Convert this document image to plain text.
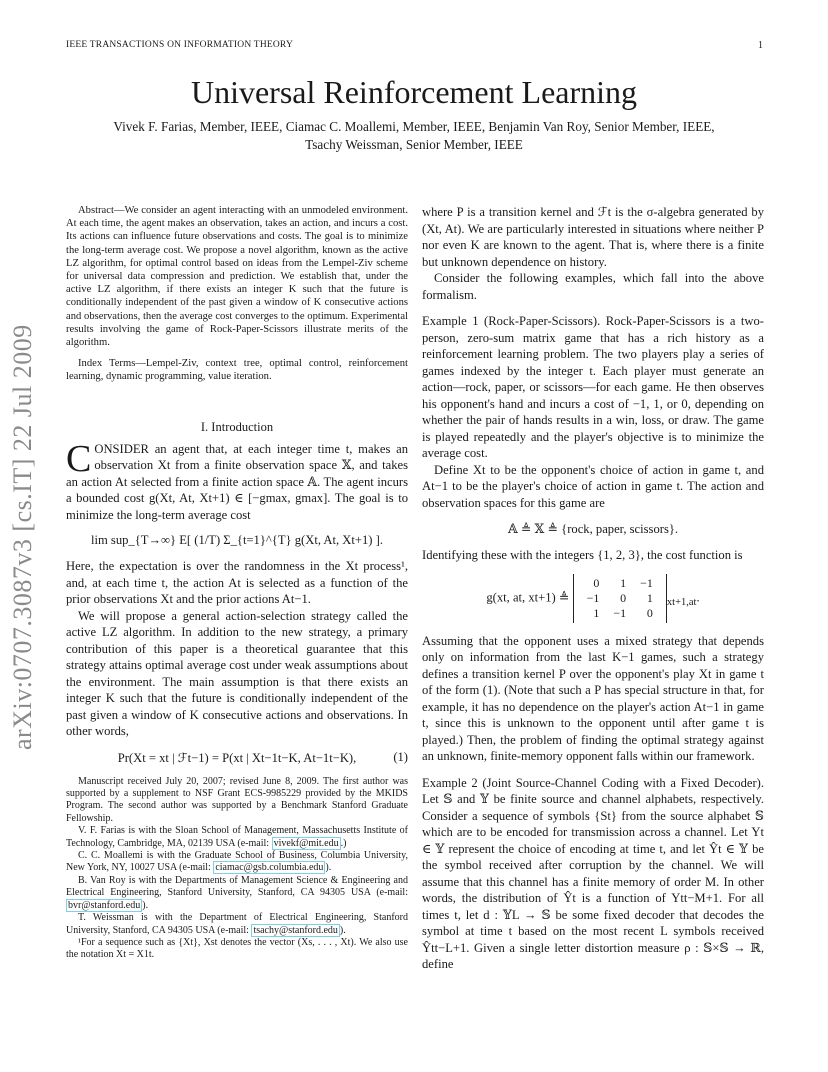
IEEE TRANSACTIONS ON INFORMATION THEORY	1
arXiv:0707.3087v3 [cs.IT] 22 Jul 2009
Universal Reinforcement Learning
Vivek F. Farias, Member, IEEE, Ciamac C. Moallemi, Member, IEEE, Benjamin Van Roy, Senior Member, IEEE, Tsachy Weissman, Senior Member, IEEE

Abstract—We consider an agent interacting with an unmodeled environment. At each time, the agent makes an observation, takes an action, and incurs a cost. Its actions can influence future observations and costs. The goal is to minimize the long-term average cost. We propose a novel algorithm, known as the active LZ algorithm, for optimal control based on ideas from the Lempel-Ziv scheme for universal data compression and prediction. We establish that, under the active LZ algorithm, if there exists an integer K such that the future is conditionally independent of the past given a window of K consecutive actions and observations, then the average cost converges to the optimum. Experimental results involving the game of Rock-Paper-Scissors illustrate merits of the algorithm.

Index Terms—Lempel-Ziv, context tree, optimal control, reinforcement learning, dynamic programming, value iteration.

I. Introduction

CONSIDER an agent that, at each integer time t, makes an observation Xt from a finite observation space 𝕏, and takes an action At selected from a finite action space 𝔸. The agent incurs a bounded cost g(Xt, At, Xt+1) ∈ [−gmax, gmax]. The goal is to minimize the long-term average cost

lim sup_{T→∞} E[ (1/T) Σ_{t=1}^{T} g(Xt, At, Xt+1) ].

Here, the expectation is over the randomness in the Xt process¹, and, at each time t, the action At is selected as a function of the prior observations Xt and the prior actions At−1.

We will propose a general action-selection strategy called the active LZ algorithm. In addition to the new strategy, a primary contribution of this paper is a theoretical guarantee that this strategy attains optimal average cost under weak assumptions about the environment. The main assumption is that there exists an integer K such that the future is conditionally independent of the past given a window of K consecutive actions and observations. In other words,

Pr(Xt = xt | ℱt−1) = P(xt | Xt−1t−K, At−1t−K),	(1)

Manuscript received July 20, 2007; revised June 8, 2009. The first author was supported by a supplement to NSF Grant ECS-9985229 provided by the MKIDS Program. The second author was supported by a Benchmark Stanford Graduate Fellowship.

V. F. Farias is with the Sloan School of Management, Massachusetts Institute of Technology, Cambridge, MA, 02139 USA (e-mail: vivekf@mit.edu .)

C. C. Moallemi is with the Graduate School of Business, Columbia University, New York, NY, 10027 USA (e-mail: ciamac@gsb.columbia.edu ).

B. Van Roy is with the Departments of Management Science & Engineering and Electrical Engineering, Stanford University, Stanford, CA 94305 USA (e-mail: bvr@stanford.edu ).

T. Weissman is with the Department of Electrical Engineering, Stanford University, Stanford, CA 94305 USA (e-mail: tsachy@stanford.edu ).

¹For a sequence such as {Xt}, Xst denotes the vector (Xs, . . . , Xt). We also use the notation Xt = X1t.

where P is a transition kernel and ℱt is the σ-algebra generated by (Xt, At). We are particularly interested in situations where neither P nor even K are known to the agent. That is, where there is a finite but unknown dependence on history.

Consider the following examples, which fall into the above formalism.

Example 1 (Rock-Paper-Scissors). Rock-Paper-Scissors is a two-person, zero-sum matrix game that has a rich history as a reinforcement learning problem. The two players play a series of games indexed by the integer t. Each player must generate an action—rock, paper, or scissors—for each game. He then observes his opponent's hand and incurs a cost of −1, 1, or 0, depending on whether the pair of hands results in a win, loss, or draw. The game is played repeatedly and the player's objective is to minimize the average cost.

Define Xt to be the opponent's choice of action in game t, and At−1 to be the player's choice of action in game t. The action and observation spaces for this game are

𝔸 ≜ 𝕏 ≜ {rock, paper, scissors}.

Identifying these with the integers {1, 2, 3}, the cost function is

g(xt, at, xt+1) ≜
0	1	−1
−1	0	1
1	−1	0
$_{xt+1,at}$.

Assuming that the opponent uses a mixed strategy that depends only on information from the last K−1 games, such a strategy defines a transition kernel P over the opponent's play Xt in game t of the form (1). (Note that such a P has special structure in that, for example, it has no dependence on the player's action At−1 in game t, since this is unknown to the opponent until after game t is played.) Then, the problem of finding the optimal strategy against an unknown, finite-memory opponent falls within our framework.

Example 2 (Joint Source-Channel Coding with a Fixed Decoder). Let 𝕊 and 𝕐 be finite source and channel alphabets, respectively. Consider a sequence of symbols {St} from the source alphabet 𝕊 which are to be encoded for transmission across a channel. Let Yt ∈ 𝕐 represent the choice of encoding at time t, and let Ŷt ∈ 𝕐 be the symbol received after corruption by the channel. We will assume that this channel has a finite memory of order M. In other words, the distribution of Ŷt is a function of Ytt−M+1. For all times t, let d : 𝕐L → 𝕊 be some fixed decoder that decodes the symbol at time t based on the most recent L symbols received Ŷtt−L+1. Given a single letter distortion measure ρ : 𝕊×𝕊 → ℝ, define
